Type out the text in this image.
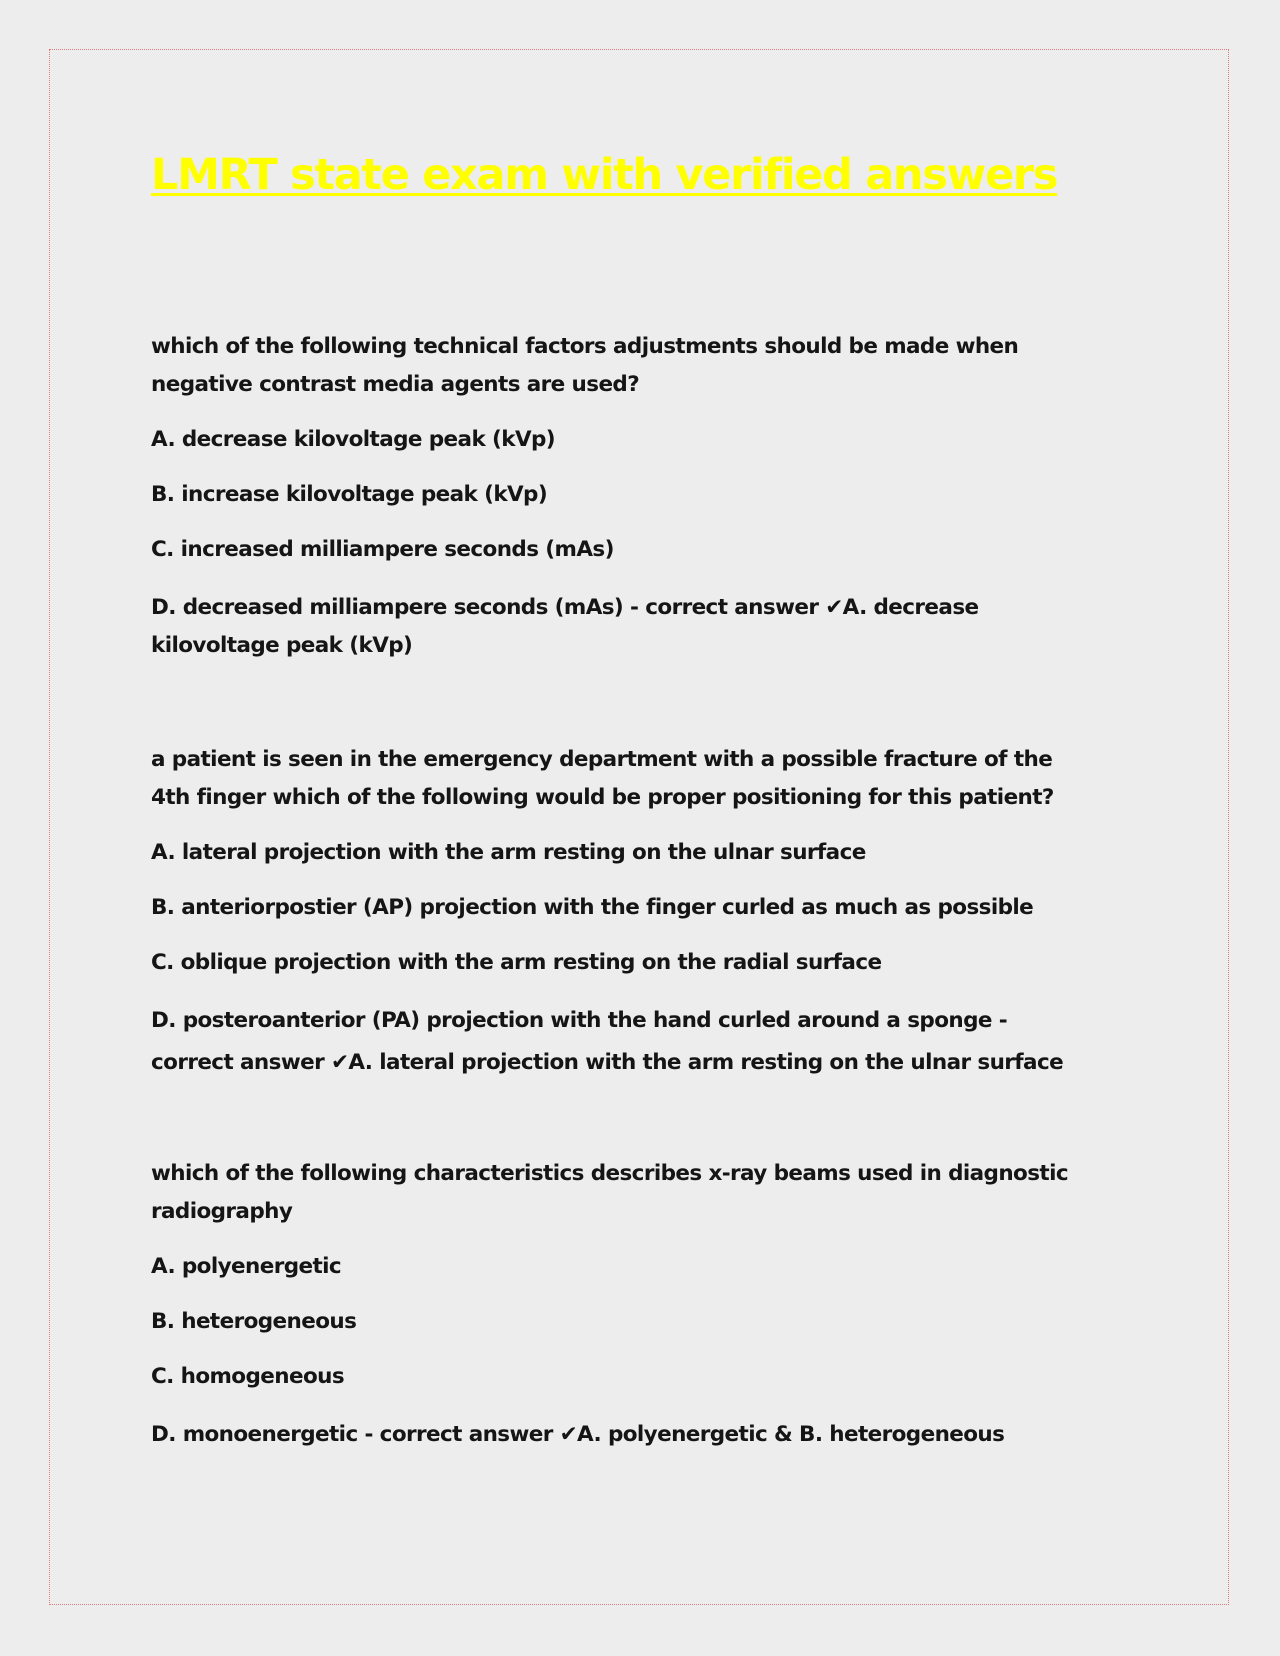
LMRT state exam with verified answers
which of the following technical factors adjustments should be made when
negative contrast media agents are used?
A. decrease kilovoltage peak (kVp)
B. increase kilovoltage peak (kVp)
C. increased milliampere seconds (mAs)
D. decreased milliampere seconds (mAs) - correct answer ✔A. decrease
kilovoltage peak (kVp)
a patient is seen in the emergency department with a possible fracture of the
4th finger which of the following would be proper positioning for this patient?
A. lateral projection with the arm resting on the ulnar surface
B. anteriorpostier (AP) projection with the finger curled as much as possible
C. oblique projection with the arm resting on the radial surface
D. posteroanterior (PA) projection with the hand curled around a sponge -
correct answer ✔A. lateral projection with the arm resting on the ulnar surface
which of the following characteristics describes x-ray beams used in diagnostic
radiography
A. polyenergetic
B. heterogeneous
C. homogeneous
D. monoenergetic - correct answer ✔A. polyenergetic & B. heterogeneous
